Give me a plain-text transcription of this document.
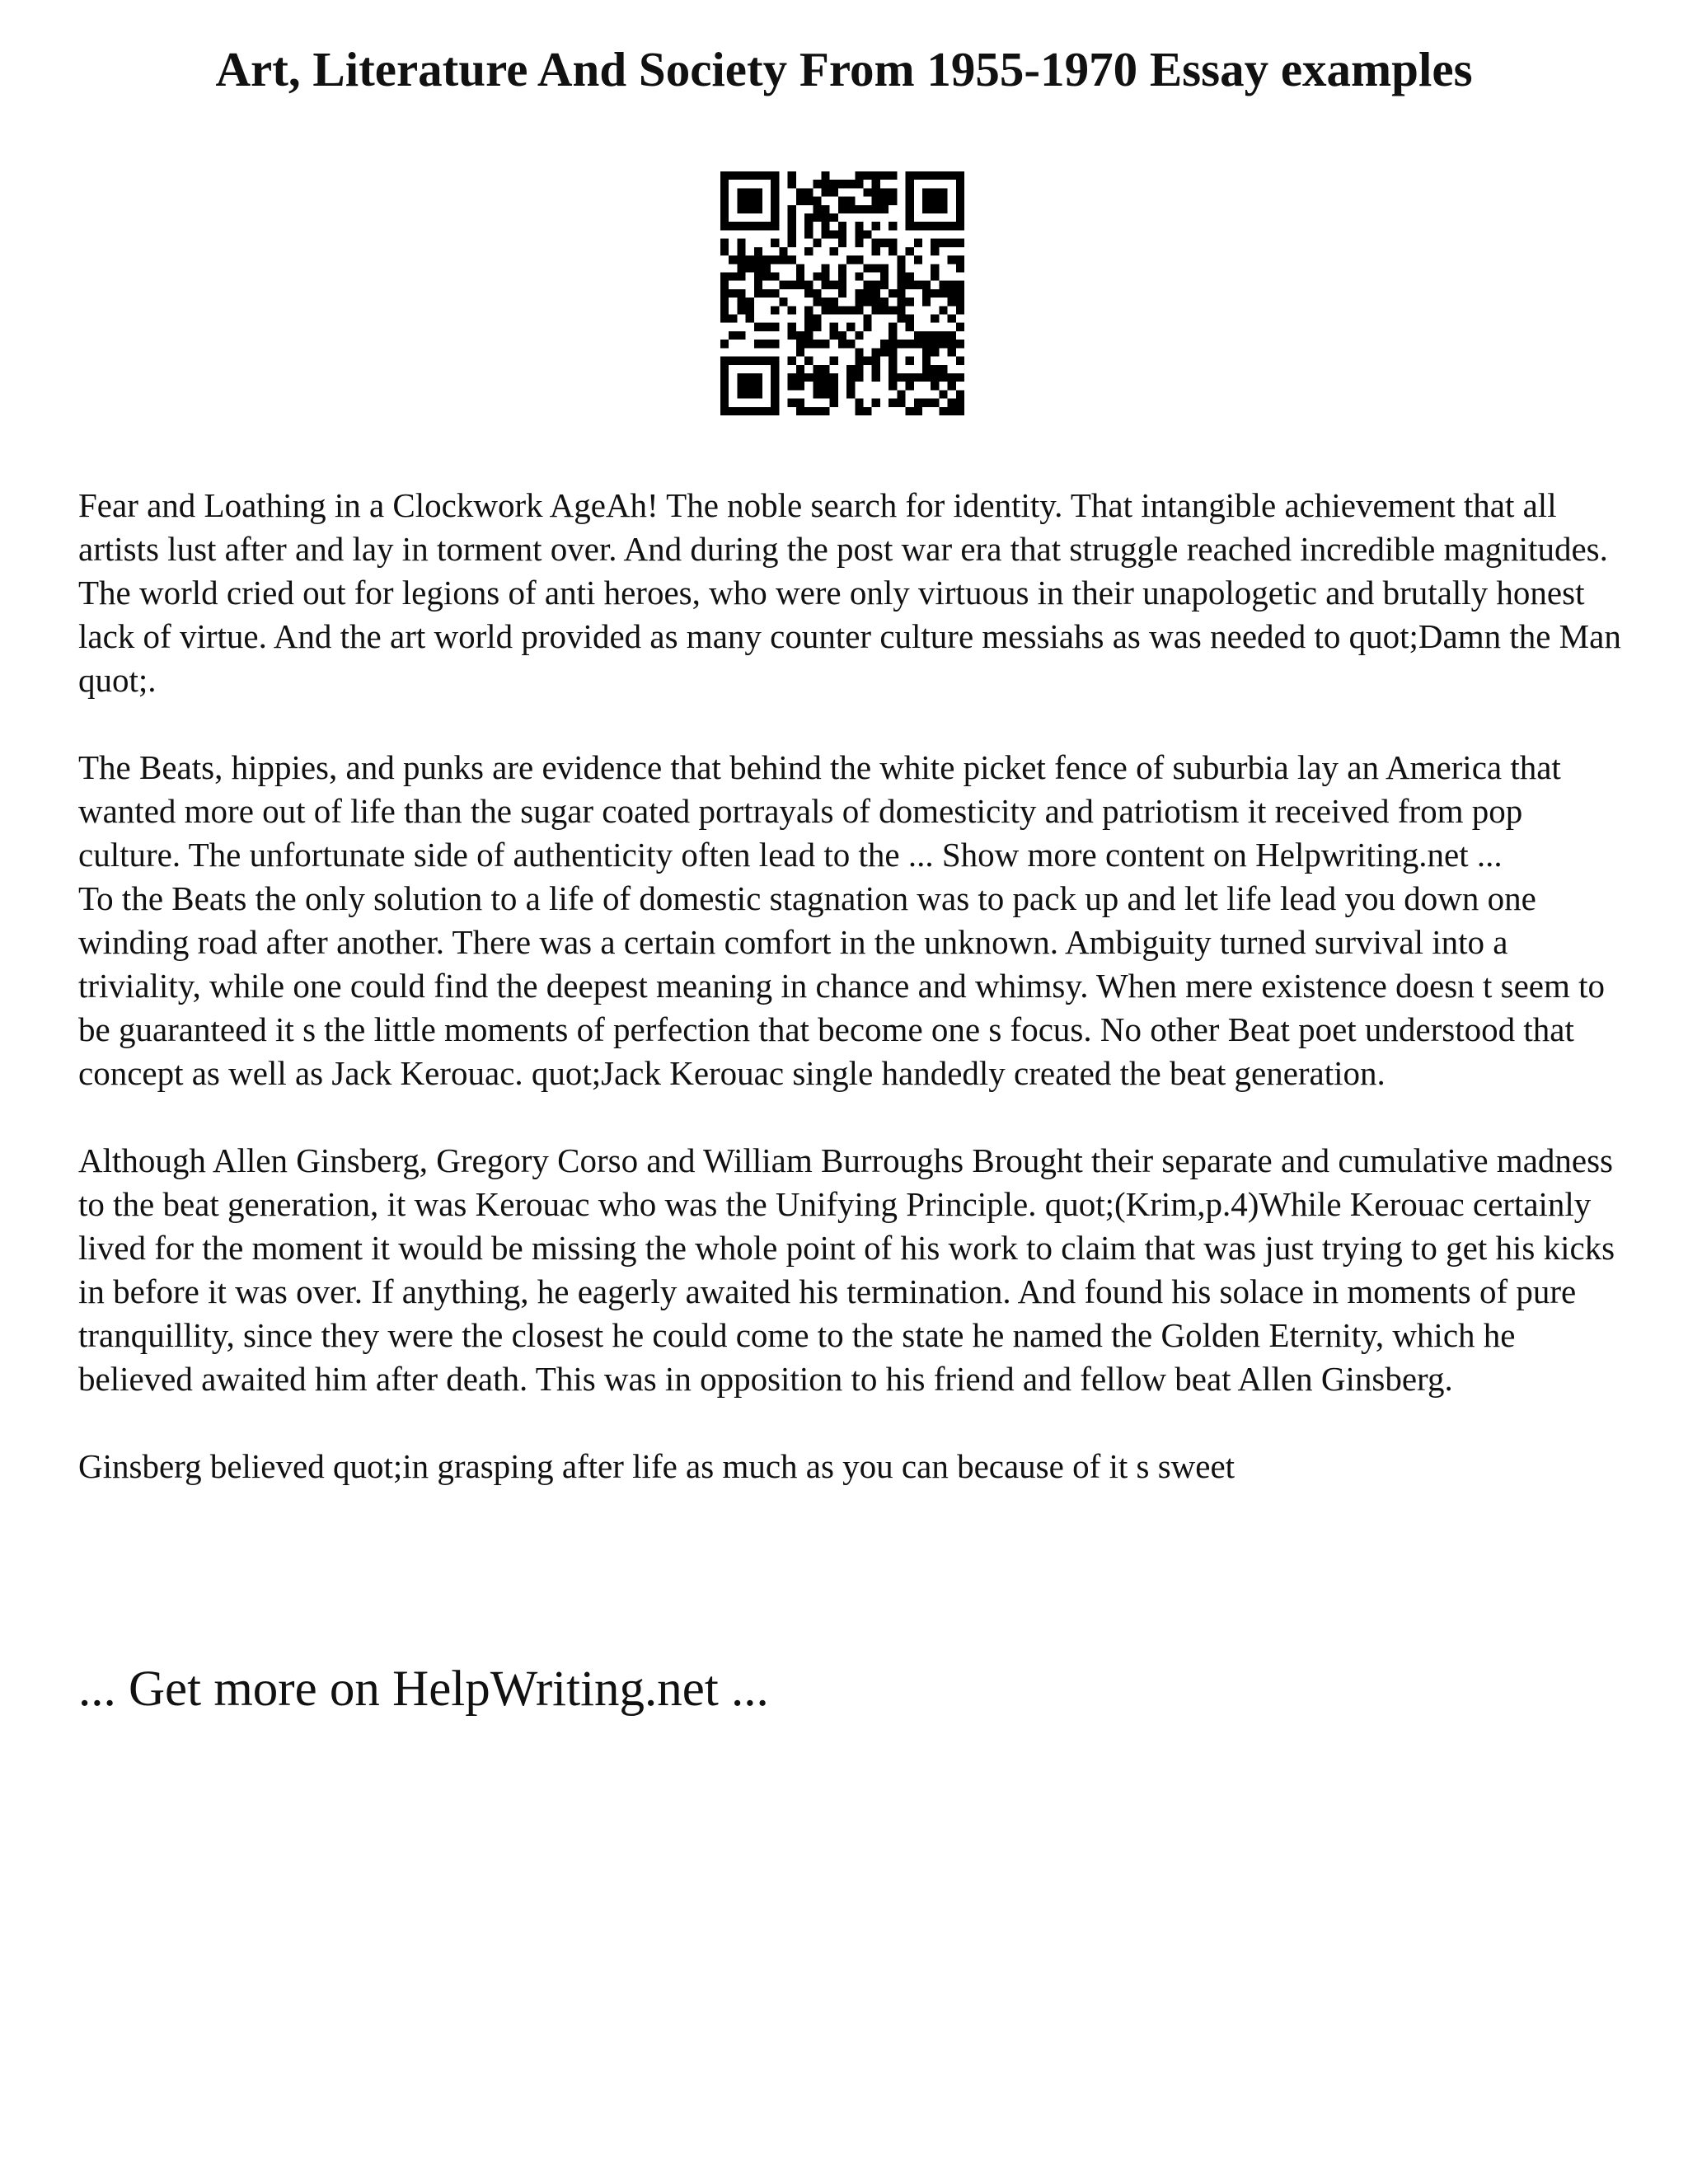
Art, Literature And Society From 1955-1970 Essay examples

Fear and Loathing in a Clockwork AgeAh! The noble search for identity. That intangible achievement that all artists lust after and lay in torment over. And during the post war era that struggle reached incredible magnitudes. The world cried out for legions of anti heroes, who were only virtuous in their unapologetic and brutally honest lack of virtue. And the art world provided as many counter culture messiahs as was needed to quot;Damn the Man quot;.

The Beats, hippies, and punks are evidence that behind the white picket fence of suburbia lay an America that wanted more out of life than the sugar coated portrayals of domesticity and patriotism it received from pop culture. The unfortunate side of authenticity often lead to the ... Show more content on Helpwriting.net ...

To the Beats the only solution to a life of domestic stagnation was to pack up and let life lead you down one winding road after another. There was a certain comfort in the unknown. Ambiguity turned survival into a triviality, while one could find the deepest meaning in chance and whimsy. When mere existence doesn t seem to be guaranteed it s the little moments of perfection that become one s focus. No other Beat poet understood that concept as well as Jack Kerouac. quot;Jack Kerouac single handedly created the beat generation.

Although Allen Ginsberg, Gregory Corso and William Burroughs Brought their separate and cumulative madness to the beat generation, it was Kerouac who was the Unifying Principle. quot;(Krim,p.4)While Kerouac certainly lived for the moment it would be missing the whole point of his work to claim that was just trying to get his kicks in before it was over. If anything, he eagerly awaited his termination. And found his solace in moments of pure tranquillity, since they were the closest he could come to the state he named the Golden Eternity, which he believed awaited him after death. This was in opposition to his friend and fellow beat Allen Ginsberg.

Ginsberg believed quot;in grasping after life as much as you can because of it s sweet

... Get more on HelpWriting.net ...
